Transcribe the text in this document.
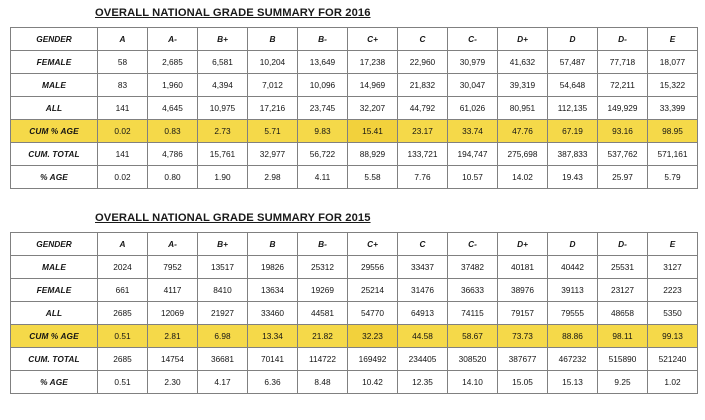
OVERALL NATIONAL GRADE SUMMARY FOR 2016
GENDER	A	A-	B+	B	B-	C+	C	C-	D+	D	D-	E
FEMALE	58	2,685	6,581	10,204	13,649	17,238	22,960	30,979	41,632	57,487	77,718	18,077
MALE	83	1,960	4,394	7,012	10,096	14,969	21,832	30,047	39,319	54,648	72,211	15,322
ALL	141	4,645	10,975	17,216	23,745	32,207	44,792	61,026	80,951	112,135	149,929	33,399
CUM % AGE	0.02	0.83	2.73	5.71	9.83	15.41	23.17	33.74	47.76	67.19	93.16	98.95
CUM. TOTAL	141	4,786	15,761	32,977	56,722	88,929	133,721	194,747	275,698	387,833	537,762	571,161
% AGE	0.02	0.80	1.90	2.98	4.11	5.58	7.76	10.57	14.02	19.43	25.97	5.79
OVERALL NATIONAL GRADE SUMMARY FOR 2015
GENDER	A	A-	B+	B	B-	C+	C	C-	D+	D	D-	E
MALE	2024	7952	13517	19826	25312	29556	33437	37482	40181	40442	25531	3127
FEMALE	661	4117	8410	13634	19269	25214	31476	36633	38976	39113	23127	2223
ALL	2685	12069	21927	33460	44581	54770	64913	74115	79157	79555	48658	5350
CUM % AGE	0.51	2.81	6.98	13.34	21.82	32.23	44.58	58.67	73.73	88.86	98.11	99.13
CUM. TOTAL	2685	14754	36681	70141	114722	169492	234405	308520	387677	467232	515890	521240
% AGE	0.51	2.30	4.17	6.36	8.48	10.42	12.35	14.10	15.05	15.13	9.25	1.02
